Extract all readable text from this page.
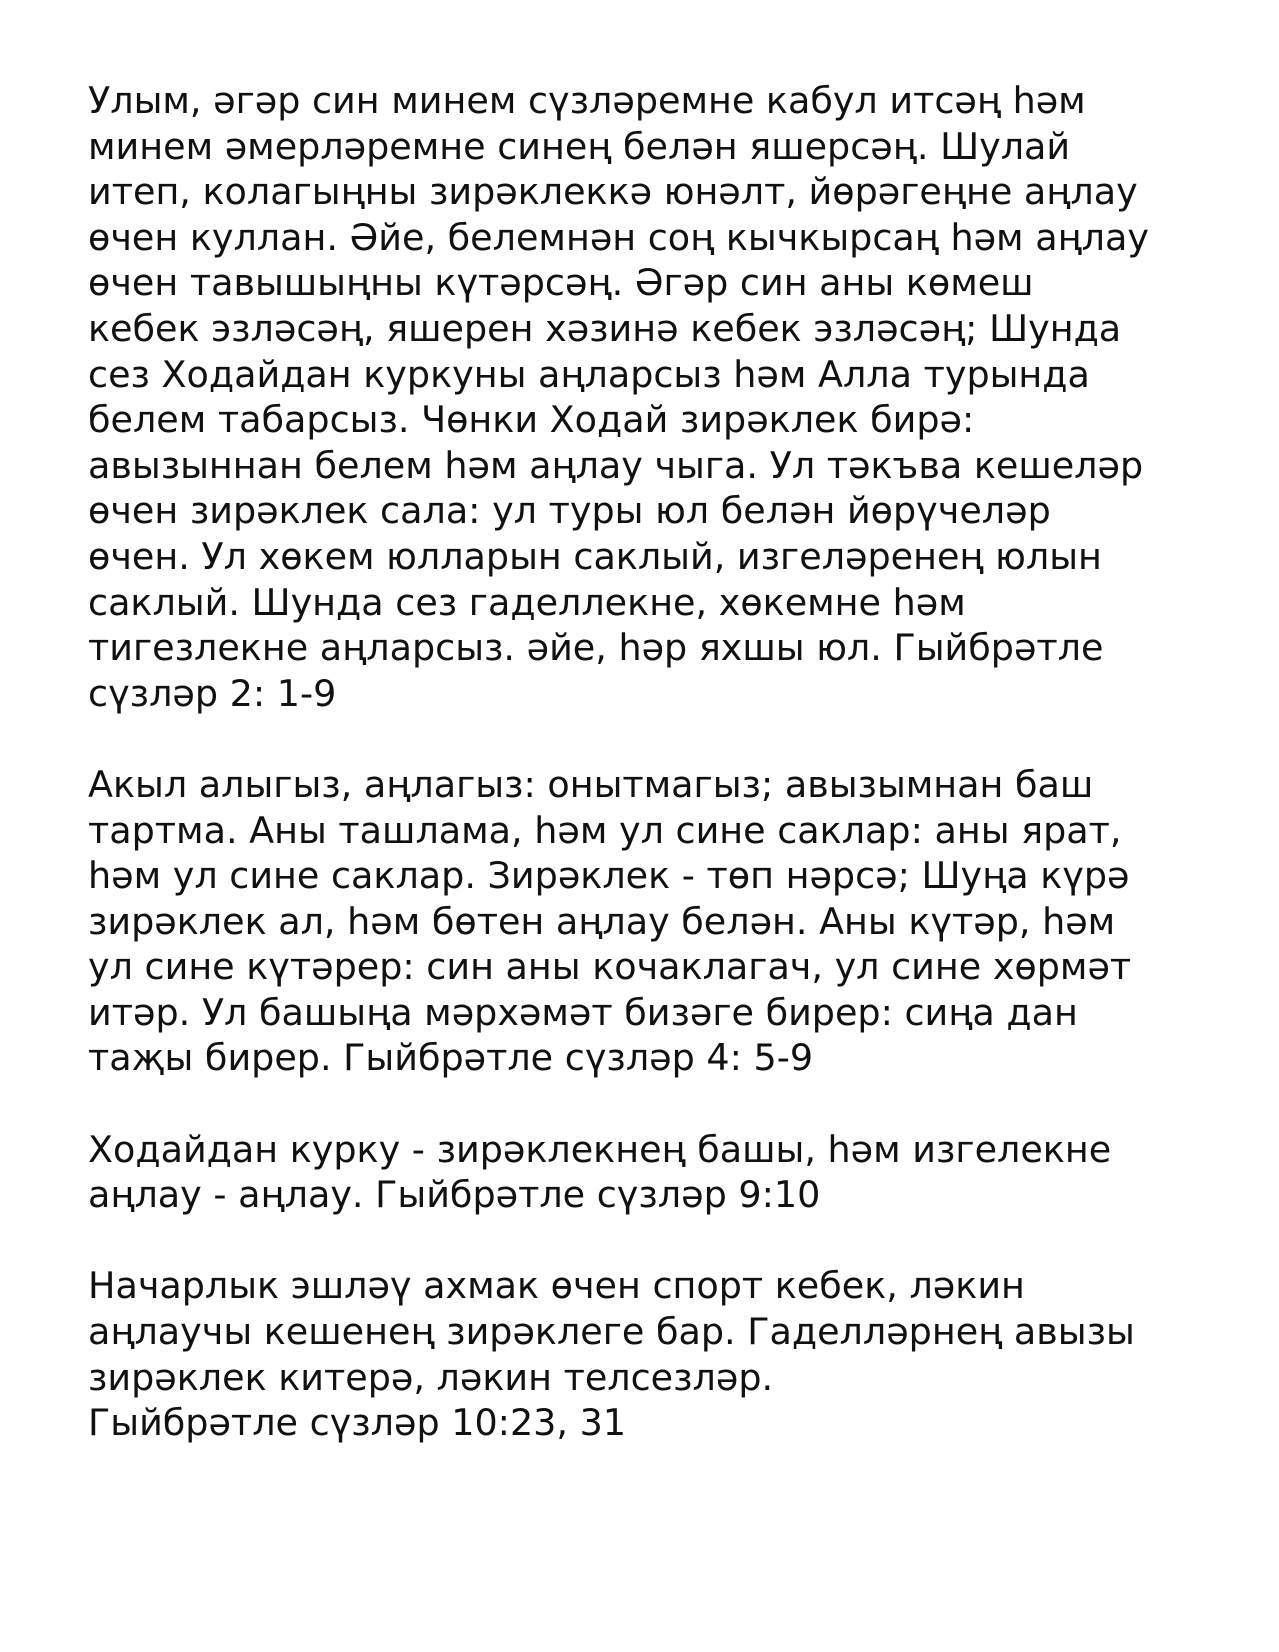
Улым, әгәр син минем сүзләремне кабул итсәң һәм
минем әмерләремне синең белән яшерсәң. Шулай
итеп, колагыңны зирәклеккә юнәлт, йөрәгеңне аңлау
өчен куллан. Әйе, белемнән соң кычкырсаң һәм аңлау
өчен тавышыңны күтәрсәң. Әгәр син аны көмеш
кебек эзләсәң, яшерен хәзинә кебек эзләсәң; Шунда
сез Ходайдан куркуны аңларсыз һәм Алла турында
белем табарсыз. Чөнки Ходай зирәклек бирә:
авызыннан белем һәм аңлау чыга. Ул тәкъва кешеләр
өчен зирәклек сала: ул туры юл белән йөрүчеләр
өчен. Ул хөкем юлларын саклый, изгеләренең юлын
саклый. Шунда сез гаделлекне, хөкемне һәм
тигезлекне аңларсыз. әйе, һәр яхшы юл. Гыйбрәтле
сүзләр 2: 1-9
Акыл алыгыз, аңлагыз: онытмагыз; авызымнан баш
тартма. Аны ташлама, һәм ул сине саклар: аны ярат,
һәм ул сине саклар. Зирәклек - төп нәрсә; Шуңа күрә
зирәклек ал, һәм бөтен аңлау белән. Аны күтәр, һәм
ул сине күтәрер: син аны кочаклагач, ул сине хөрмәт
итәр. Ул башыңа мәрхәмәт бизәге бирер: сиңа дан
таҗы бирер. Гыйбрәтле сүзләр 4: 5-9
Ходайдан курку - зирәклекнең башы, һәм изгелекне
аңлау - аңлау. Гыйбрәтле сүзләр 9:10
Начарлык эшләү ахмак өчен спорт кебек, ләкин
аңлаучы кешенең зирәклеге бар. Гаделләрнең авызы
зирәклек китерә, ләкин телсезләр.
Гыйбрәтле сүзләр 10:23, 31
